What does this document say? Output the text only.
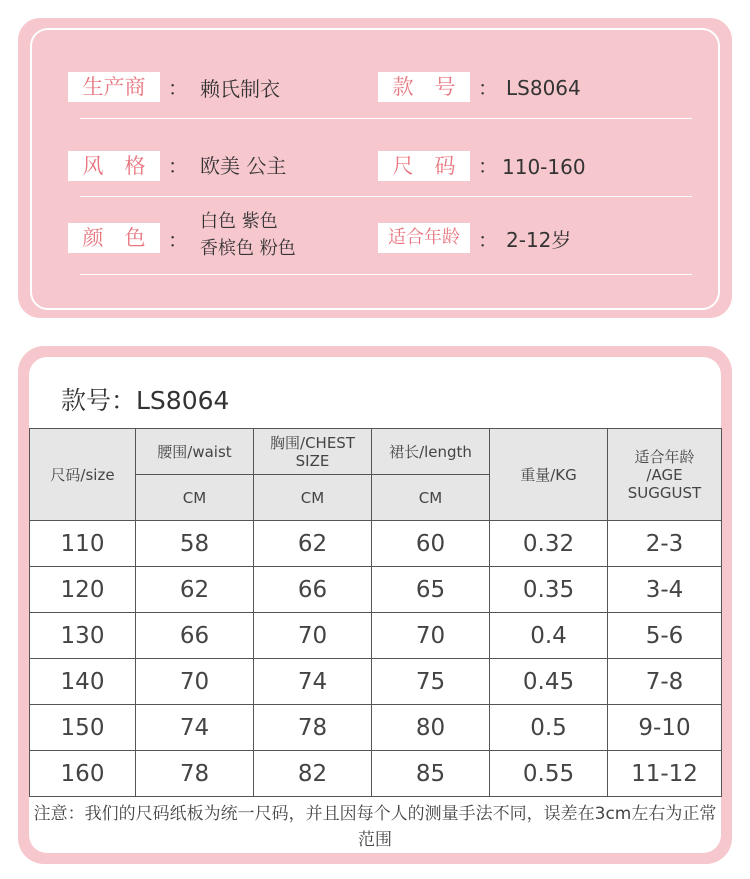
生产商	： 赖氏制衣	款　号	： LS8064
风　格	： 欧美 公主	尺　码	： 110-160
颜　色	：
白色 紫色
香槟色 粉色
适合年龄 ： 2-12岁
款号：LS8064
尺码/size	腰围/waist	胸围/CHEST SIZE	裙长/length	重量/KG	适合年龄 /AGE SUGGUST
	CM	CM	CM		
110	58	62	60	0.32	2-3
120	62	66	65	0.35	3-4
130	66	70	70	0.4	5-6
140	70	74	75	0.45	7-8
150	74	78	80	0.5	9-10
160	78	82	85	0.55	11-12
注意：我们的尺码纸板为统一尺码，并且因每个人的测量手法不同，误差在3cm左右为正常范围
